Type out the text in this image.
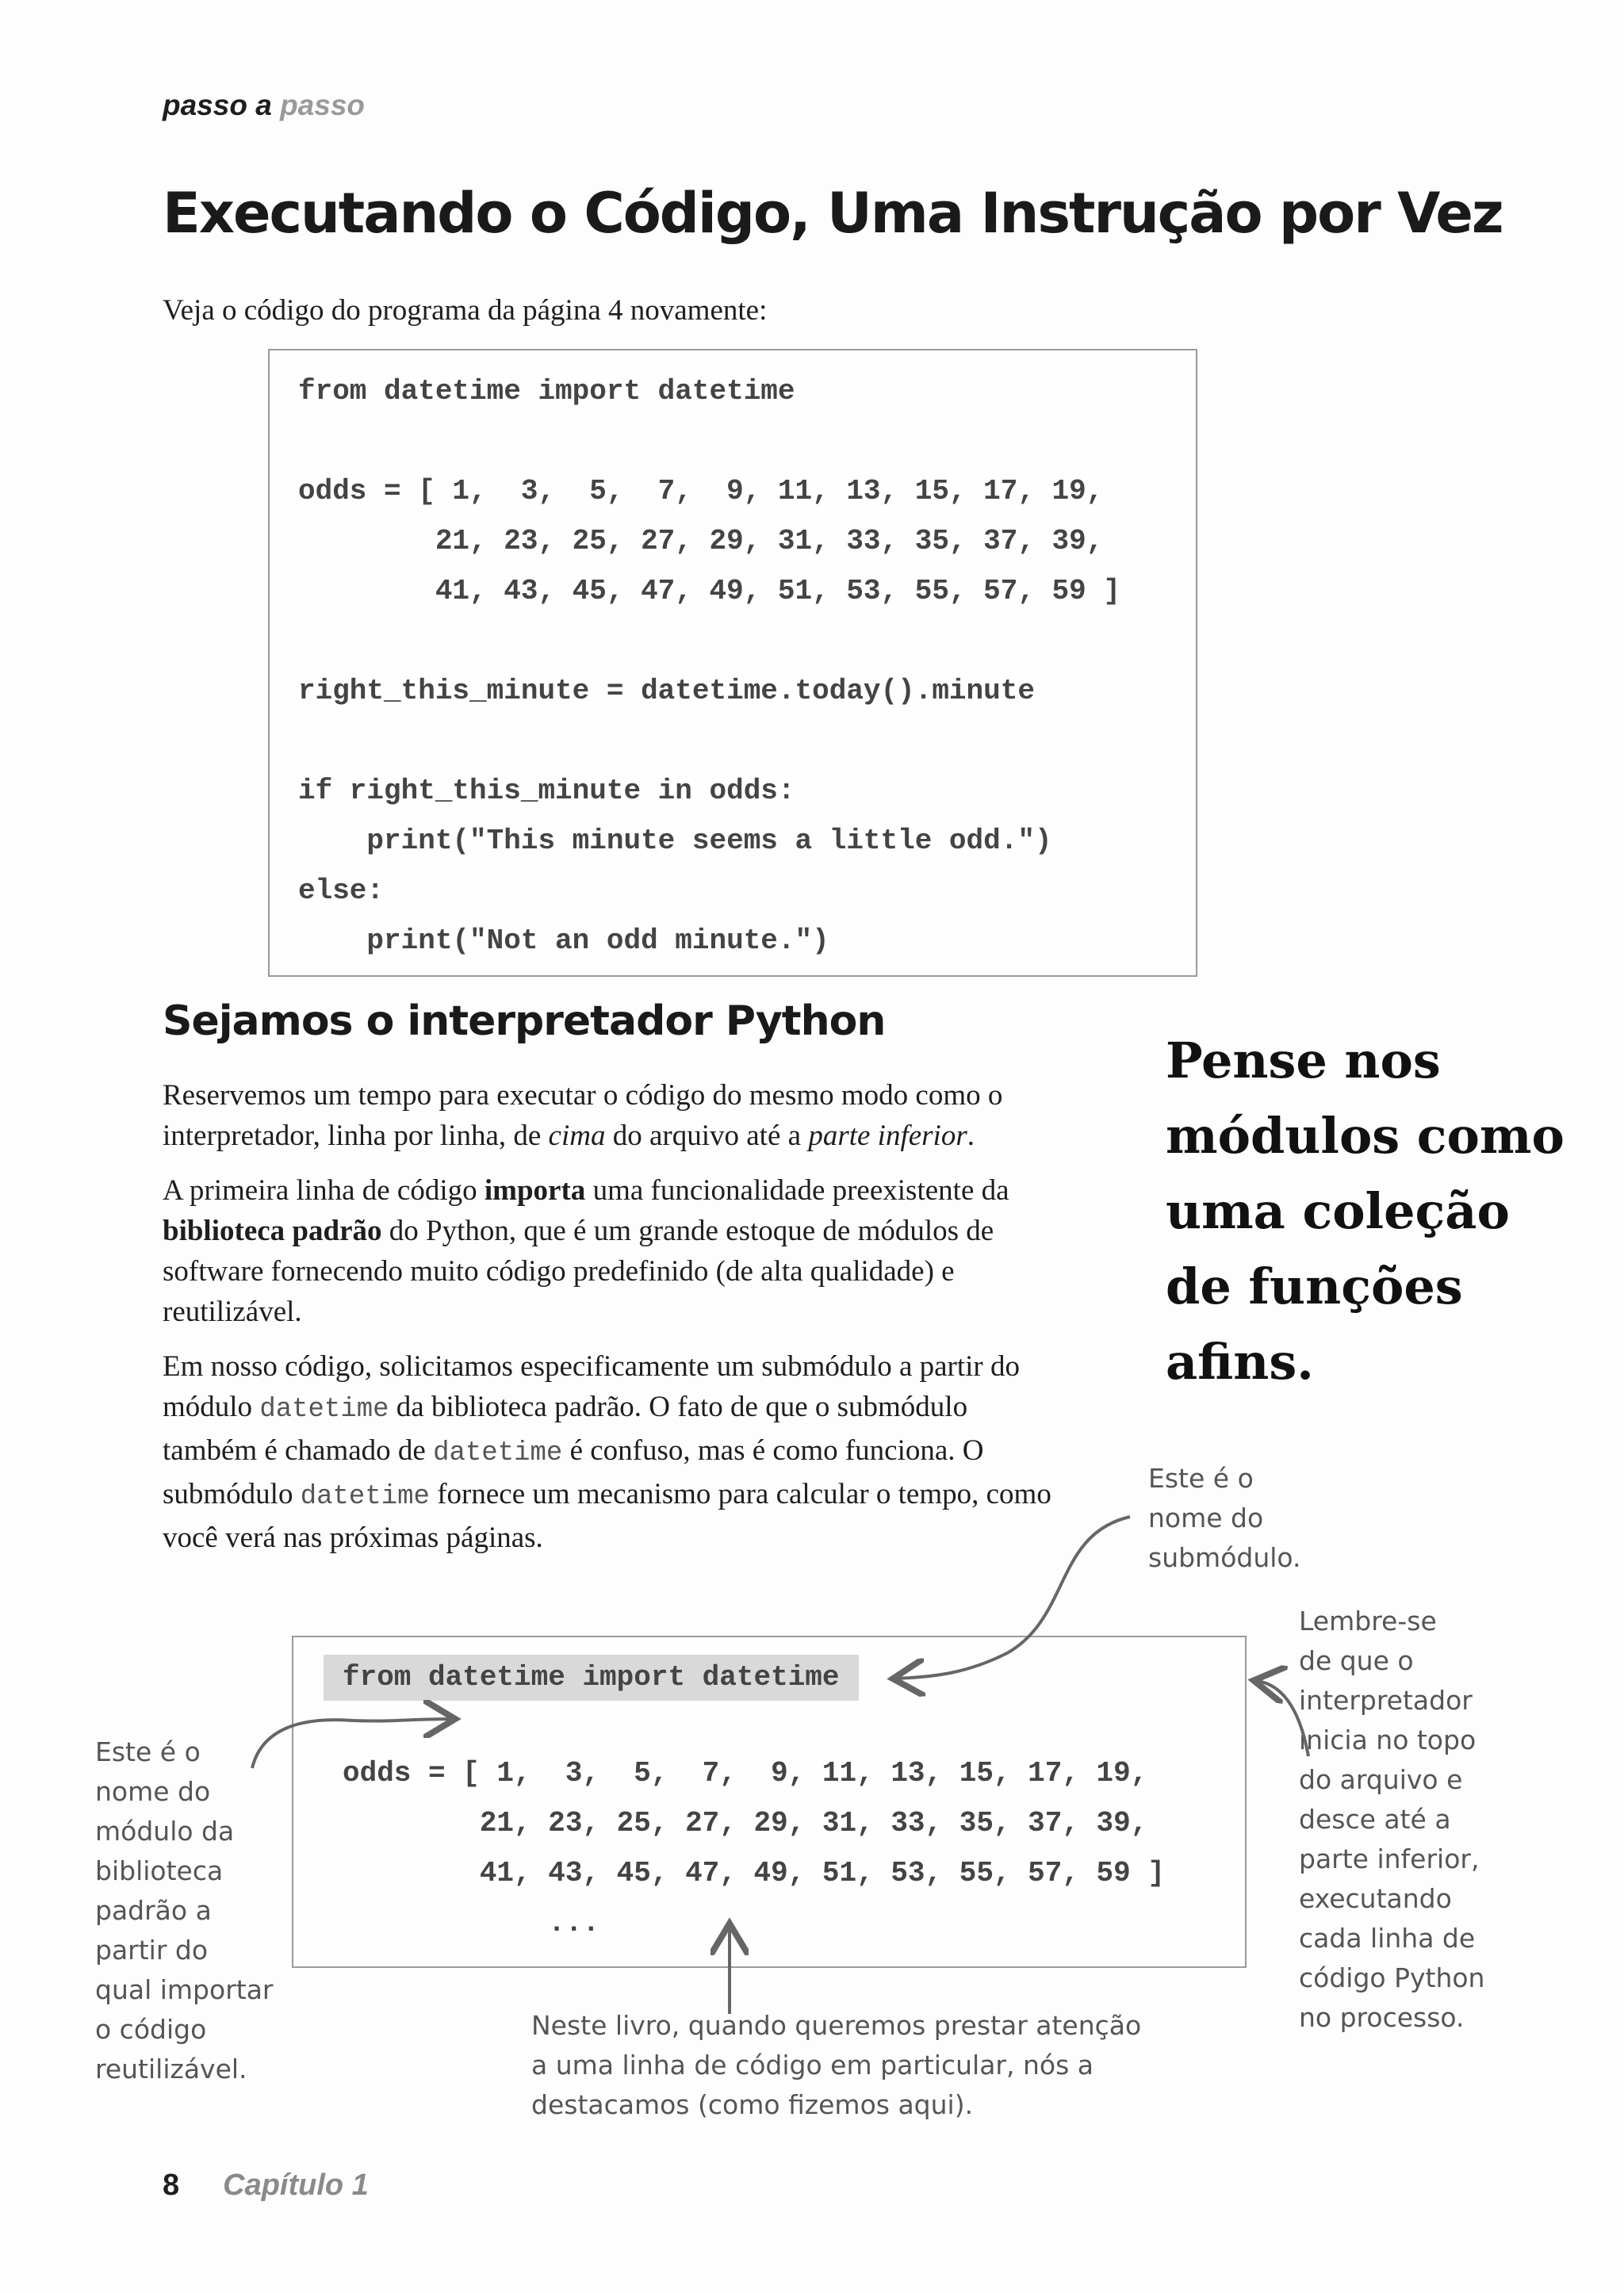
passo a passo
Executando o Código, Uma Instrução por Vez
Veja o código do programa da página 4 novamente:
from datetime import datetime

odds = [ 1,  3,  5,  7,  9, 11, 13, 15, 17, 19,
21, 23, 25, 27, 29, 31, 33, 35, 37, 39,
41, 43, 45, 47, 49, 51, 53, 55, 57, 59 ]

right_this_minute = datetime.today().minute

if right_this_minute in odds:
print("This minute seems a little odd.")
else:
print("Not an odd minute.")
Sejamos o interpretador Python

Reservemos um tempo para executar o código do mesmo modo como o interpretador, linha por linha, de cima do arquivo até a parte inferior.

A primeira linha de código importa uma funcionalidade preexistente da biblioteca padrão do Python, que é um grande estoque de módulos de software fornecendo muito código predefinido (de alta qualidade) e reutilizável.

Em nosso código, solicitamos especificamente um submódulo a partir do módulo datetime da biblioteca padrão. O fato de que o submódulo também é chamado de datetime é confuso, mas é como funciona. O submódulo datetime fornece um mecanismo para calcular o tempo, como você verá nas próximas páginas.

Pense nos módulos como uma coleção de funções afins.
from datetime import datetime
odds = [ 1,  3,  5,  7,  9, 11, 13, 15, 17, 19,
21, 23, 25, 27, 29, 31, 33, 35, 37, 39,
41, 43, 45, 47, 49, 51, 53, 55, 57, 59 ]
...
Este é o
nome do
submódulo.
Lembre-se
de que o
interpretador
inicia no topo
do arquivo e
desce até a
parte inferior,
executando
cada linha de
código Python
no processo.
Este é o
nome do
módulo da
biblioteca
padrão a
partir do
qual importar
o código
reutilizável.
Neste livro, quando queremos prestar atenção
a uma linha de código em particular, nós a
destacamos (como fizemos aqui).
8 Capítulo 1
